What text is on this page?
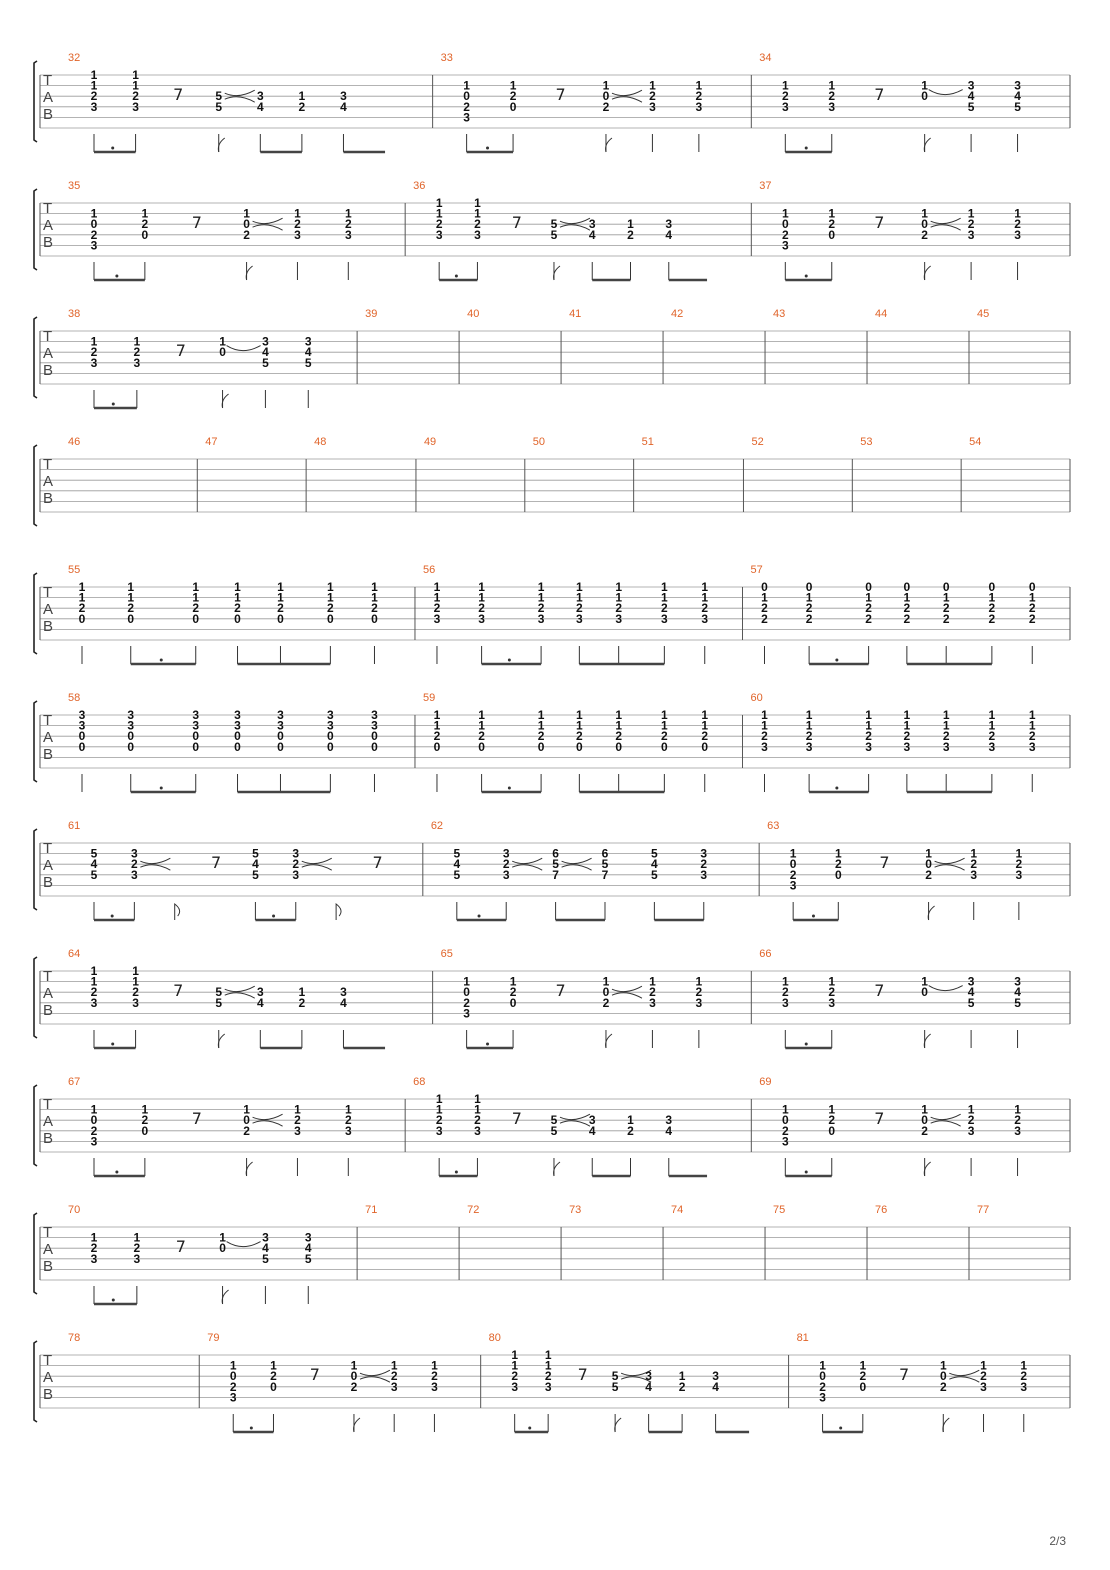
T
A
B
32
1
1
2
3
1
1
2
3
7	5
5
3
4
1
2
3
4
33
1
0
2
3
1
2
0
7	1
0
2
1
2
3
1
2
3
34
1
2
3
1
2
3
7	1
0
3
4
5
3
4
5
T
A
B
35
1
0
2
3
1
2
0
7	1
0
2
1
2
3
1
2
3
36
1
1
2
3
1
1
2
3
7 5
5
3
4
1
2
3
4
37
1
0
2
3
1
2
0
7	1
0
2
1
2
3
1
2
3
T
A
B
38
1
2
3
1
2
3
7	1
0
3
4
5
3
4
5
39	40	41	42	43	44	45
T
A
B
46	47	48	49	50	51	52	53	54
T
A
B
55
1
1
2
0
1
1
2
0
1
1
2
0
1
1
2
0
1
1
2
0
1
1
2
0
1
1
2
0
56
1
1
2
3
1
1
2
3
1
1
2
3
1
1
2
3
1
1
2
3
1
1
2
3
1
1
2
3
57
0
1
2
2
0
1
2
2
0
1
2
2
0
1
2
2
0
1
2
2
0
1
2
2
0
1
2
2
T
A
B
58
3
3
0
0
3
3
0
0
3
3
0
0
3
3
0
0
3
3
0
0
3
3
0
0
3
3
0
0
59
1
1
2
0
1
1
2
0
1
1
2
0
1
1
2
0
1
1
2
0
1
1
2
0
1
1
2
0
60
1
1
2
3
1
1
2
3
1
1
2
3
1
1
2
3
1
1
2
3
1
1
2
3
1
1
2
3
T
A
B
61
5
4
5
3
2
3
7	5
4
5
3
2
3
7
62
5
4
5
3
2
3
6
5
7
6
5
7
5
4
5
3
2
3
63
1
0
2
3
1
2
0
7	1
0
2
1
2
3
1
2
3
T
A
B
64
1
1
2
3
1
1
2
3
7	5
5
3
4
1
2
3
4
65
1
0
2
3
1
2
0
7	1
0
2
1
2
3
1
2
3
66
1
2
3
1
2
3
7	1
0
3
4
5
3
4
5
T
A
B
67
1
0
2
3
1
2
0
7	1
0
2
1
2
3
1
2
3
68
1
1
2
3
1
1
2
3
7 5
5
3
4
1
2
3
4
69
1
0
2
3
1
2
0
7	1
0
2
1
2
3
1
2
3
T
A
B
70
1
2
3
1
2
3
7	1
0
3
4
5
3
4
5
71	72	73	74	75	76	77
T
A
B
78	79
1
0
2
3
1
2
0
7	1
0
2
1
2
3
1
2
3
80
1
1
2
3
1
1
2
3
7 5
5
3
4
1
2
3
4
81
1
0
2
3
1
2
0
7	1
0
2
1
2
3
1
2
3
2/3
